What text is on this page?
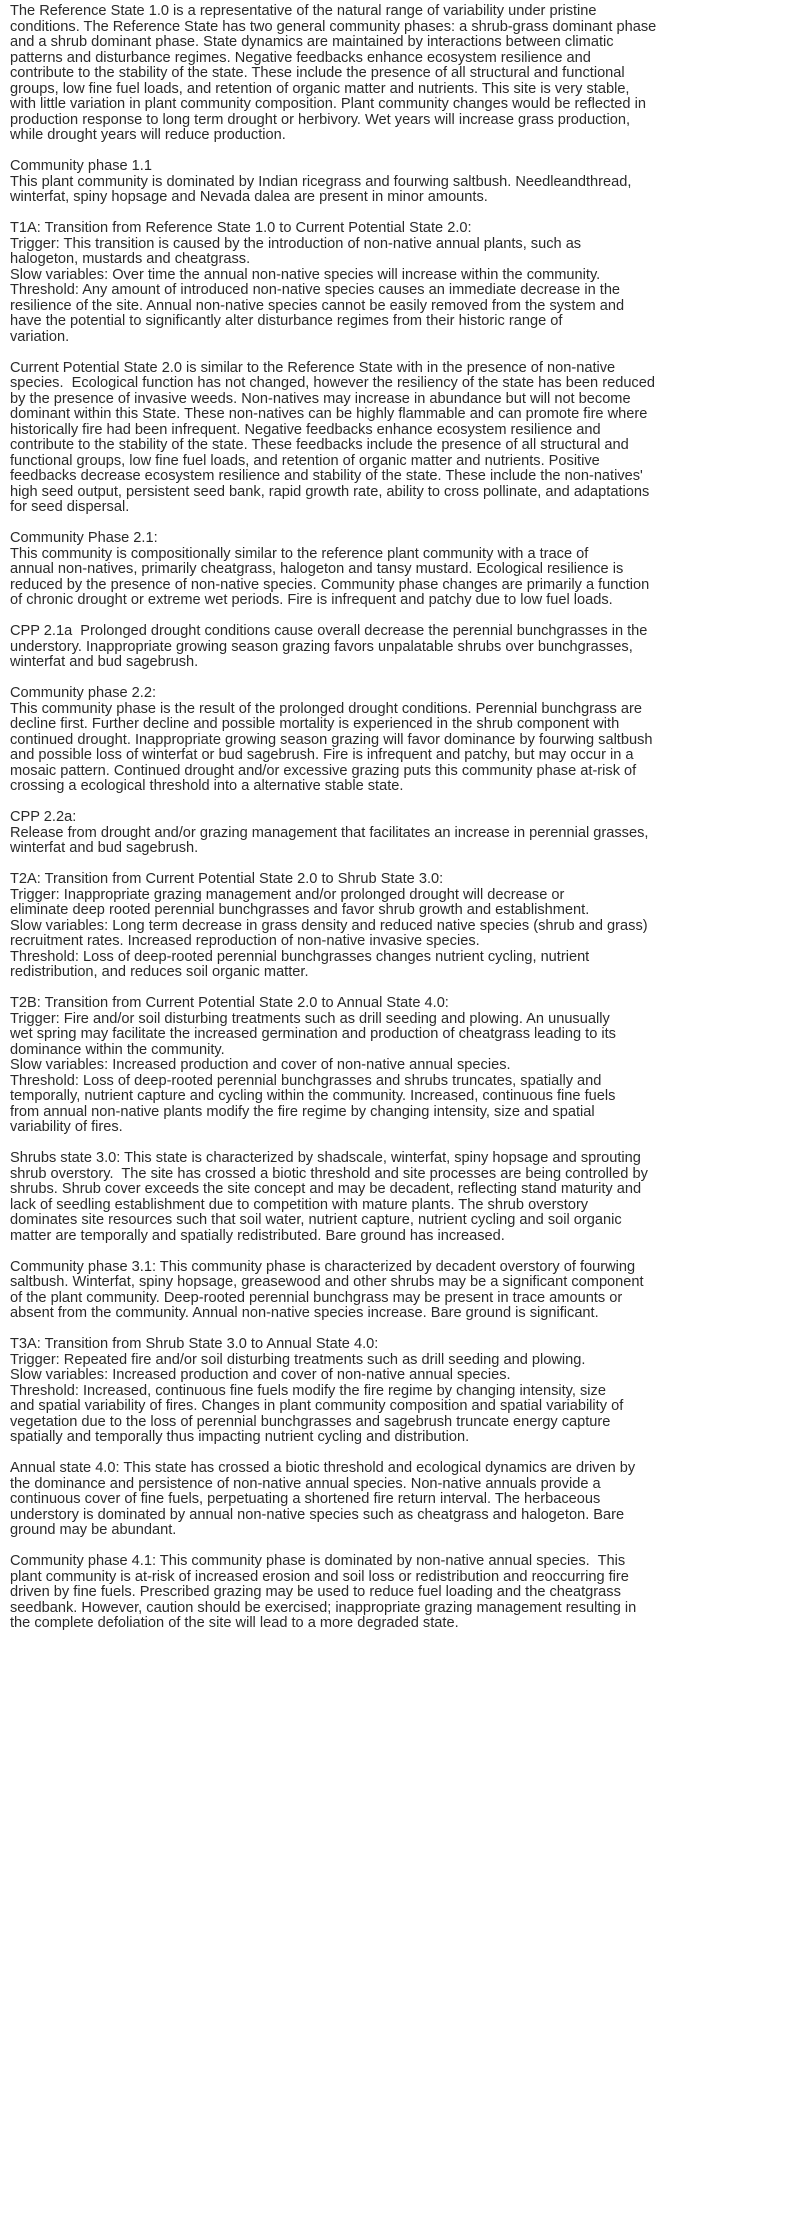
The Reference State 1.0 is a representative of the natural range of variability under pristine
conditions. The Reference State has two general community phases: a shrub-grass dominant phase
and a shrub dominant phase. State dynamics are maintained by interactions between climatic
patterns and disturbance regimes. Negative feedbacks enhance ecosystem resilience and
contribute to the stability of the state. These include the presence of all structural and functional
groups, low fine fuel loads, and retention of organic matter and nutrients. This site is very stable,
with little variation in plant community composition. Plant community changes would be reflected in
production response to long term drought or herbivory. Wet years will increase grass production,
while drought years will reduce production.
Community phase 1.1
This plant community is dominated by Indian ricegrass and fourwing saltbush. Needleandthread,
winterfat, spiny hopsage and Nevada dalea are present in minor amounts.
T1A: Transition from Reference State 1.0 to Current Potential State 2.0:
Trigger: This transition is caused by the introduction of non-native annual plants, such as
halogeton, mustards and cheatgrass.
Slow variables: Over time the annual non-native species will increase within the community.
Threshold: Any amount of introduced non-native species causes an immediate decrease in the
resilience of the site. Annual non-native species cannot be easily removed from the system and
have the potential to significantly alter disturbance regimes from their historic range of
variation.
Current Potential State 2.0 is similar to the Reference State with in the presence of non-native
species.  Ecological function has not changed, however the resiliency of the state has been reduced
by the presence of invasive weeds. Non-natives may increase in abundance but will not become
dominant within this State. These non-natives can be highly flammable and can promote fire where
historically fire had been infrequent. Negative feedbacks enhance ecosystem resilience and
contribute to the stability of the state. These feedbacks include the presence of all structural and
functional groups, low fine fuel loads, and retention of organic matter and nutrients. Positive
feedbacks decrease ecosystem resilience and stability of the state. These include the non-natives'
high seed output, persistent seed bank, rapid growth rate, ability to cross pollinate, and adaptations
for seed dispersal.
Community Phase 2.1:
This community is compositionally similar to the reference plant community with a trace of
annual non-natives, primarily cheatgrass, halogeton and tansy mustard. Ecological resilience is
reduced by the presence of non-native species. Community phase changes are primarily a function
of chronic drought or extreme wet periods. Fire is infrequent and patchy due to low fuel loads.
CPP 2.1a  Prolonged drought conditions cause overall decrease the perennial bunchgrasses in the
understory. Inappropriate growing season grazing favors unpalatable shrubs over bunchgrasses,
winterfat and bud sagebrush.
Community phase 2.2:
This community phase is the result of the prolonged drought conditions. Perennial bunchgrass are
decline first. Further decline and possible mortality is experienced in the shrub component with
continued drought. Inappropriate growing season grazing will favor dominance by fourwing saltbush
and possible loss of winterfat or bud sagebrush. Fire is infrequent and patchy, but may occur in a
mosaic pattern. Continued drought and/or excessive grazing puts this community phase at-risk of
crossing a ecological threshold into a alternative stable state.
CPP 2.2a:
Release from drought and/or grazing management that facilitates an increase in perennial grasses,
winterfat and bud sagebrush.
T2A: Transition from Current Potential State 2.0 to Shrub State 3.0:
Trigger: Inappropriate grazing management and/or prolonged drought will decrease or
eliminate deep rooted perennial bunchgrasses and favor shrub growth and establishment.
Slow variables: Long term decrease in grass density and reduced native species (shrub and grass)
recruitment rates. Increased reproduction of non-native invasive species.
Threshold: Loss of deep-rooted perennial bunchgrasses changes nutrient cycling, nutrient
redistribution, and reduces soil organic matter.
T2B: Transition from Current Potential State 2.0 to Annual State 4.0:
Trigger: Fire and/or soil disturbing treatments such as drill seeding and plowing. An unusually
wet spring may facilitate the increased germination and production of cheatgrass leading to its
dominance within the community.
Slow variables: Increased production and cover of non-native annual species.
Threshold: Loss of deep-rooted perennial bunchgrasses and shrubs truncates, spatially and
temporally, nutrient capture and cycling within the community. Increased, continuous fine fuels
from annual non-native plants modify the fire regime by changing intensity, size and spatial
variability of fires.
Shrubs state 3.0: This state is characterized by shadscale, winterfat, spiny hopsage and sprouting
shrub overstory.  The site has crossed a biotic threshold and site processes are being controlled by
shrubs. Shrub cover exceeds the site concept and may be decadent, reflecting stand maturity and
lack of seedling establishment due to competition with mature plants. The shrub overstory
dominates site resources such that soil water, nutrient capture, nutrient cycling and soil organic
matter are temporally and spatially redistributed. Bare ground has increased.
Community phase 3.1: This community phase is characterized by decadent overstory of fourwing
saltbush. Winterfat, spiny hopsage, greasewood and other shrubs may be a significant component
of the plant community. Deep-rooted perennial bunchgrass may be present in trace amounts or
absent from the community. Annual non-native species increase. Bare ground is significant.
T3A: Transition from Shrub State 3.0 to Annual State 4.0:
Trigger: Repeated fire and/or soil disturbing treatments such as drill seeding and plowing.
Slow variables: Increased production and cover of non-native annual species.
Threshold: Increased, continuous fine fuels modify the fire regime by changing intensity, size
and spatial variability of fires. Changes in plant community composition and spatial variability of
vegetation due to the loss of perennial bunchgrasses and sagebrush truncate energy capture
spatially and temporally thus impacting nutrient cycling and distribution.
Annual state 4.0: This state has crossed a biotic threshold and ecological dynamics are driven by
the dominance and persistence of non-native annual species. Non-native annuals provide a
continuous cover of fine fuels, perpetuating a shortened fire return interval. The herbaceous
understory is dominated by annual non-native species such as cheatgrass and halogeton. Bare
ground may be abundant.
Community phase 4.1: This community phase is dominated by non-native annual species.  This
plant community is at-risk of increased erosion and soil loss or redistribution and reoccurring fire
driven by fine fuels. Prescribed grazing may be used to reduce fuel loading and the cheatgrass
seedbank. However, caution should be exercised; inappropriate grazing management resulting in
the complete defoliation of the site will lead to a more degraded state.
